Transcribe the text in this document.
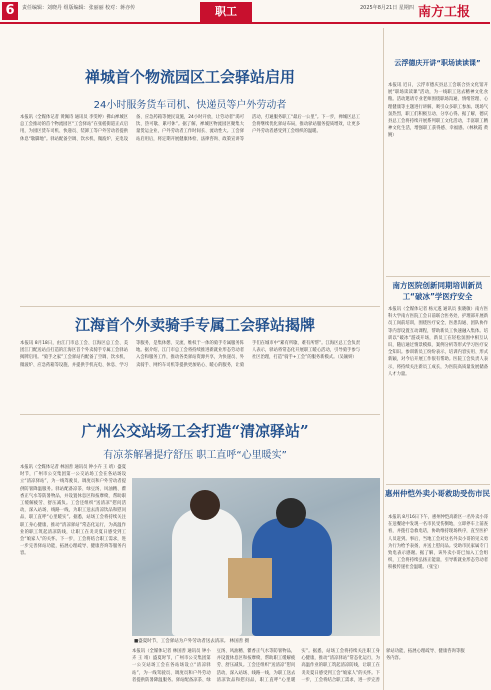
6	责任编辑：刘晓丹 组版编辑：张丽丽 校对：蒋亦传	职工	2025年8月21日 星期四 南方工报
禅城首个物流园区工会驿站启用
24小时服务货车司机、快递员等户外劳动者
本报讯（全媒体记者 黄佩诗 通讯员 李雯婷）佛山禅城区总工会推动的首个物流园区“工会驿站”在张槎街道正式启用，为园区货车司机、快递员、装卸工等户外劳动者提供休息“歇脚地”。驿站配备空调、饮水机、微波炉、充电设备、应急药箱等便民设施，24小时开放，让劳动者“渴可饮、热可歇、累可休”。据了解，禅城区物流园区聚集大量货运企业，户外劳动者工作时间长、流动性大。工会驿站启用后，将定期开展健康体检、法律咨询、政策宣讲等活动，打通服务职工“最后一公里”。下一步，禅城区总工会将继续优化驿站布局，推动驿站服务提质增效，让更多户外劳动者感受到工会组织的温暖。
江海首个外卖骑手专属工会驿站揭牌
本报讯 8月18日，由江门市总工会、江海区总工会、美团江门配送站点打造的江海区首个外卖骑手专属工会驿站揭牌启用。“骑手之家”工会驿站内配备了空调、饮水机、微波炉、应急药箱等设施，并提供手机充电、休息、学习等服务，是集休憩、交流、维权于一体的骑手专属服务阵地。据介绍，江门市总工会将持续推进新就业形态劳动者入会和服务工作，推动各类驿站资源共享，为快递员、外卖骑手、网约车司机等提供更加贴心、暖心的服务，让骑手们在城市中“累有所歇、难有所帮”。江海区总工会负责人表示，驿站将常态化开展职工暖心活动，引导骑手参与社区治理，打造“骑手+工会”的服务新模式。（吴颖妍）
广州公交站场工会打造“清凉驿站”
有凉茶解暑提疗舒压 职工直呼“心里暖实”
本报讯（全媒体记者 林国善 通讯员 钟小卉 王 靖）盛夏时节，广州市公交集团第一公交站场工会在各站场设立“清凉驿站”，为一线驾驶员、调度员和户外劳动者提供防暑降温服务。驿站配备凉茶、绿豆汤、风油精、藿香正气水等防暑物品，并设置休息区和按摩椅，帮助职工缓解疲劳、舒压减负。工会还组织“送清凉”慰问活动，深入站场、线路一线，为职工送去清凉饮品和慰问品，职工直呼“心里暖实”。据悉，站场工会将持续关注职工身心健康，推动“清凉驿站”常态化运行，为高温作业的职工筑起清凉防线，让职工在炎炎夏日感受到工会“娘家人”的关怀。下一步，工会将结合职工需求，进一步完善驿站功能，拓展心理疏导、健康咨询等服务内容。
■盛夏时节，工会驿站为户外劳动者送去清凉。 林国善 摄
本报讯（全媒体记者 林国善 通讯员 钟小卉 王 靖）盛夏时节，广州市公交集团第一公交站场工会在各站场设立“清凉驿站”，为一线驾驶员、调度员和户外劳动者提供防暑降温服务。驿站配备凉茶、绿豆汤、风油精、藿香正气水等防暑物品，并设置休息区和按摩椅，帮助职工缓解疲劳、舒压减负。工会还组织“送清凉”慰问活动，深入站场、线路一线，为职工送去清凉饮品和慰问品，职工直呼“心里暖实”。据悉，站场工会将持续关注职工身心健康，推动“清凉驿站”常态化运行，为高温作业的职工筑起清凉防线，让职工在炎炎夏日感受到工会“娘家人”的关怀。下一步，工会将结合职工需求，进一步完善驿站功能，拓展心理疏导、健康咨询等服务内容。
云浮德庆开讲“职场读读课”
本报讯 近日，云浮市德庆县总工会联合县文化馆开展“职场读读课”活动，为一线职工送去精神文化食粮。活动邀请专业老师围绕职场沟通、情绪管理、心理健康等主题进行讲解，吸引众多职工参加。现场气氛热烈，职工们积极互动、分享心得。据了解，德庆县总工会将持续开展系列职工文化活动，丰富职工精神文化生活，增强职工获得感、幸福感。（林秋霞 黄婉）
南方医院创新同期培训新员工“破冰”学医疗安全
本报讯（全媒体记者 杨元遂 通讯员 张晓敏）南方医科大学南方医院工会日前联合医务处、护理部开展新员工岗前培训，围绕医疗安全、医患沟通、团队协作等内容设置互动课程，帮助新员工快速融入集体。培训以“破冰”游戏开场，新员工在轻松氛围中相互认识，随后通过情景模拟、案例分析等形式学习医疗安全知识。参训新员工纷纷表示，培训内容实用、形式新颖，对今后开展工作很有帮助。医院工会负责人表示，将持续关注新员工成长，为医院高质量发展储备人才力量。
惠州仲恺外卖小哥救助受伤市民
本报讯 8月16日下午，惠州仲恺高新区一名外卖小哥在送餐途中发现一名市民受伤倒地，立即停车上前查看，并拨打急救电话，协助维持现场秩序，直至医护人员赶到。事后，当地工会对这名外卖小哥的见义勇为行为给予表扬，并送上慰问品。受助市民家属专门致电表示感谢。据了解，该外卖小哥已加入工会组织，工会将持续弘扬正能量，引导新就业形态劳动者积极传递社会温暖。（张宝）
